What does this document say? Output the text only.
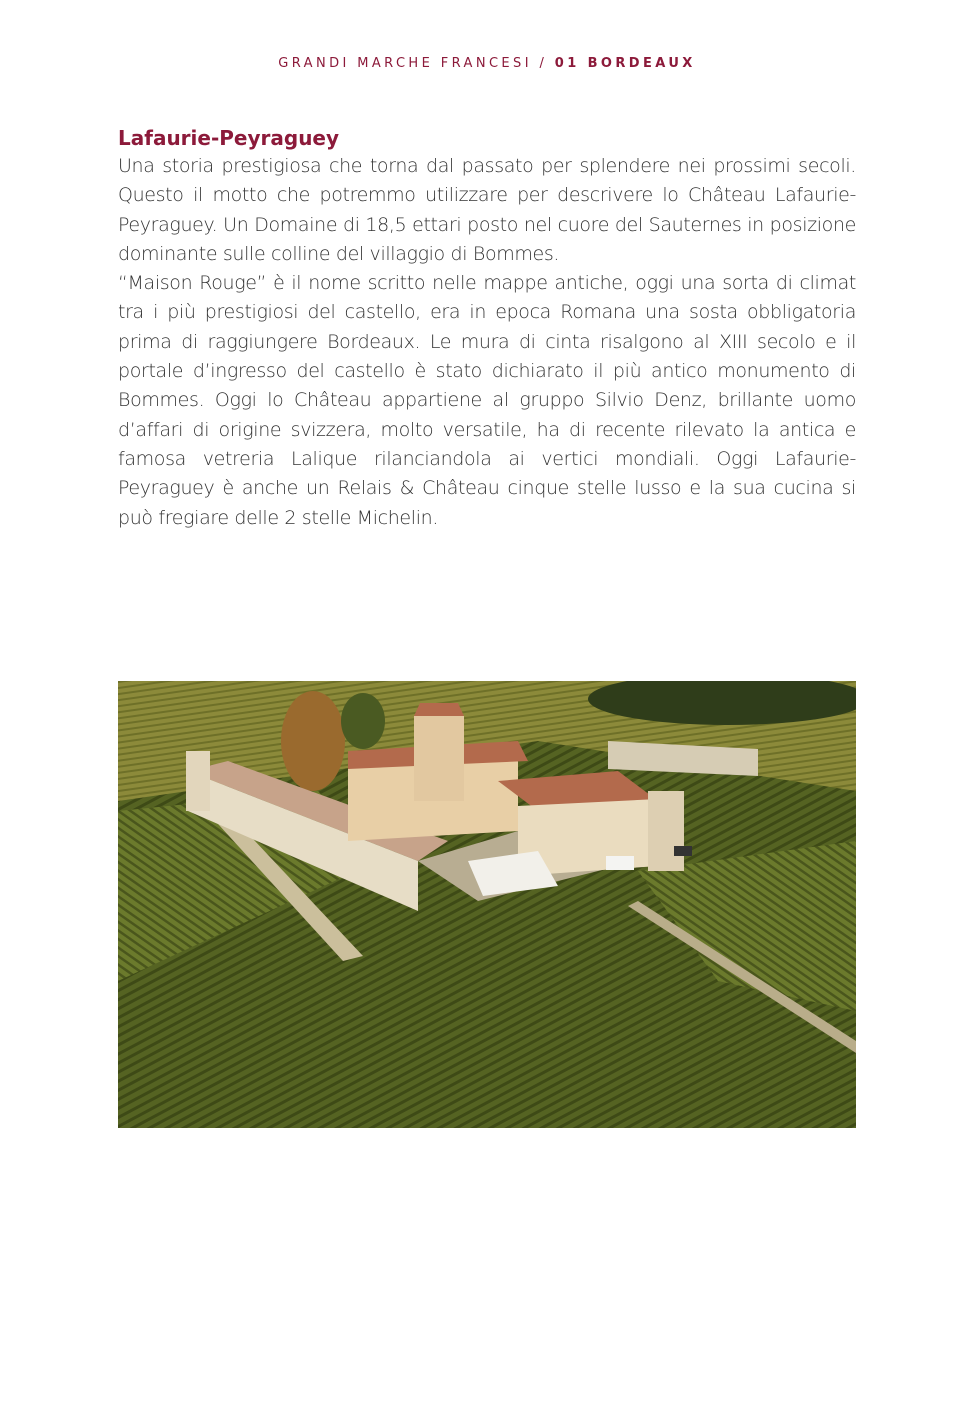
GRANDI MARCHE FRANCESI / 01 BORDEAUX
Lafaurie-Peyraguey

Una storia prestigiosa che torna dal passato per splendere nei prossimi secoli. Questo il motto che potremmo utilizzare per descrivere lo Château Lafaurie-Peyraguey. Un Domaine di 18,5 ettari posto nel cuore del Sauternes in posizione dominante sulle colline del villaggio di Bommes.

“Maison Rouge” è il nome scritto nelle mappe antiche, oggi una sorta di climat tra i più prestigiosi del castello, era in epoca Romana una sosta obbligatoria prima di raggiungere Bordeaux. Le mura di cinta risalgono al XIII secolo e il portale d’ingresso del castello è stato dichiarato il più antico monumento di Bommes. Oggi lo Château appartiene al gruppo Silvio Denz, brillante uomo d’affari di origine svizzera, molto versatile, ha di recente rilevato la antica e famosa vetreria Lalique rilanciandola ai vertici mondiali. Oggi Lafaurie-Peyraguey è anche un Relais & Château cinque stelle lusso e la sua cucina si può fregiare delle 2 stelle Michelin.
